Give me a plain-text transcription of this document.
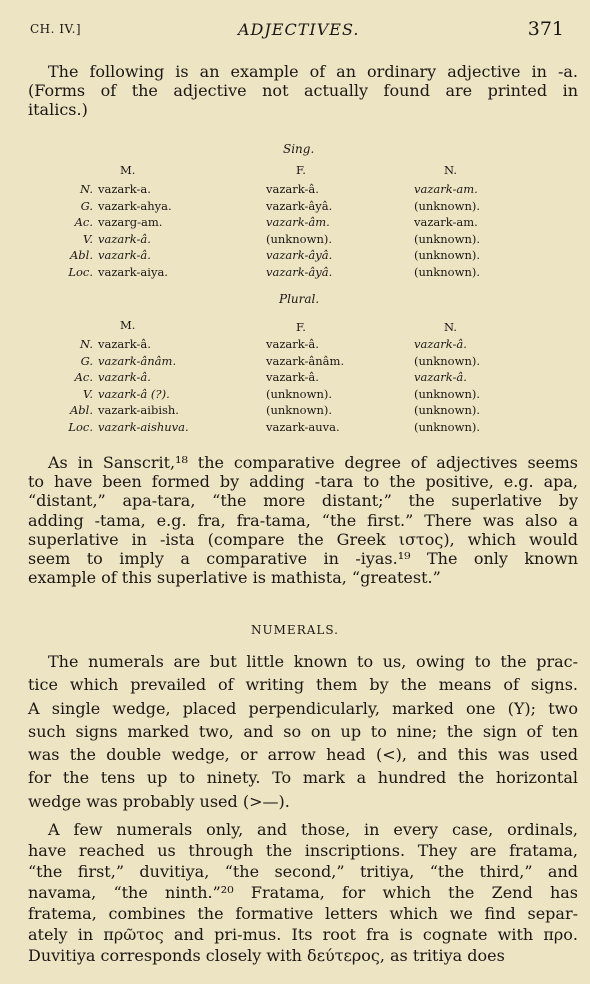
CH. IV.]	ADJECTIVES.	371
The following is an example of an ordinary adjective in -a.
(Forms of the adjective not actually found are printed in
italics.)
Sing.
M.	F.	N.
N. vazark-a.	vazark-â.	vazark-am.
G. vazark-ahya.	vazark-âyâ.	(unknown).
Ac. vazarg-am.	vazark-âm.	vazark-am.
V. vazark-â.	(unknown).	(unknown).
Abl. vazark-â.	vazark-âyâ.	(unknown).
Loc. vazark-aiya.	vazark-âyâ.	(unknown).
Plural.
M.	F.	N.
N. vazark-â.	vazark-â.	vazark-â.
G. vazark-ânâm.	vazark-ânâm.	(unknown).
Ac. vazark-â.	vazark-â.	vazark-â.
V. vazark-â (?).	(unknown).	(unknown).
Abl. vazark-aibish.	(unknown).	(unknown).
Loc. vazark-aishuva.	vazark-auva.	(unknown).
As in Sanscrit,¹⁸ the comparative degree of adjectives seems
to have been formed by adding -tara to the positive, e.g. apa,
“distant,” apa-tara, “the more distant;” the superlative by
adding -tama, e.g. fra, fra-tama, “the first.” There was also a
superlative in -ista (compare the Greek ιστος), which would
seem to imply a comparative in -iyas.¹⁹ The only known
example of this superlative is mathista, “greatest.”
NUMERALS.
The numerals are but little known to us, owing to the prac-
tice which prevailed of writing them by the means of signs.
A single wedge, placed perpendicularly, marked one (Y); two
such signs marked two, and so on up to nine; the sign of ten
was the double wedge, or arrow head (<), and this was used
for the tens up to ninety. To mark a hundred the horizontal
wedge was probably used (>—).
A few numerals only, and those, in every case, ordinals,
have reached us through the inscriptions. They are fratama,
“the first,” duvitiya, “the second,” tritiya, “the third,” and
navama, “the ninth.”²⁰ Fratama, for which the Zend has
fratema, combines the formative letters which we find separ-
ately in πρῶτος and pri-mus. Its root fra is cognate with προ.
Duvitiya corresponds closely with δεύτερος, as tritiya does
